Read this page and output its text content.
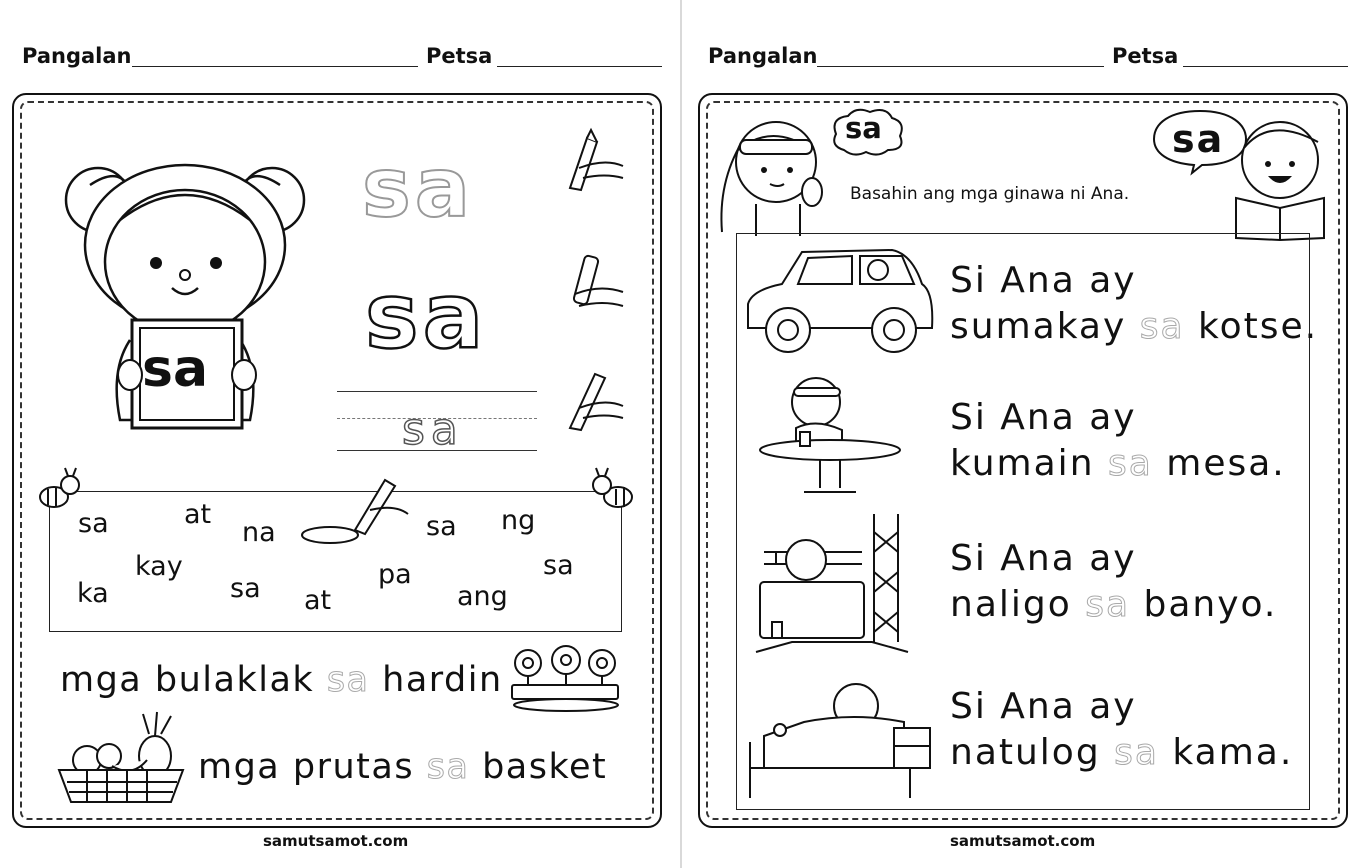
Pangalan	Petsa
sa
sa
sa
sa
sa	at
na	sa ng
kay
ka	sa at
pa
ang
sa
mga bulaklak sa hardin
mga prutas sa basket
samutsamot.com
Pangalan	Petsa
sa
Basahin ang mga ginawa ni Ana.
sa
Si Ana ay
sumakay sa kotse.
Si Ana ay
kumain sa mesa.
Si Ana ay
naligo sa banyo.
Si Ana ay
natulog sa kama.
samutsamot.com
